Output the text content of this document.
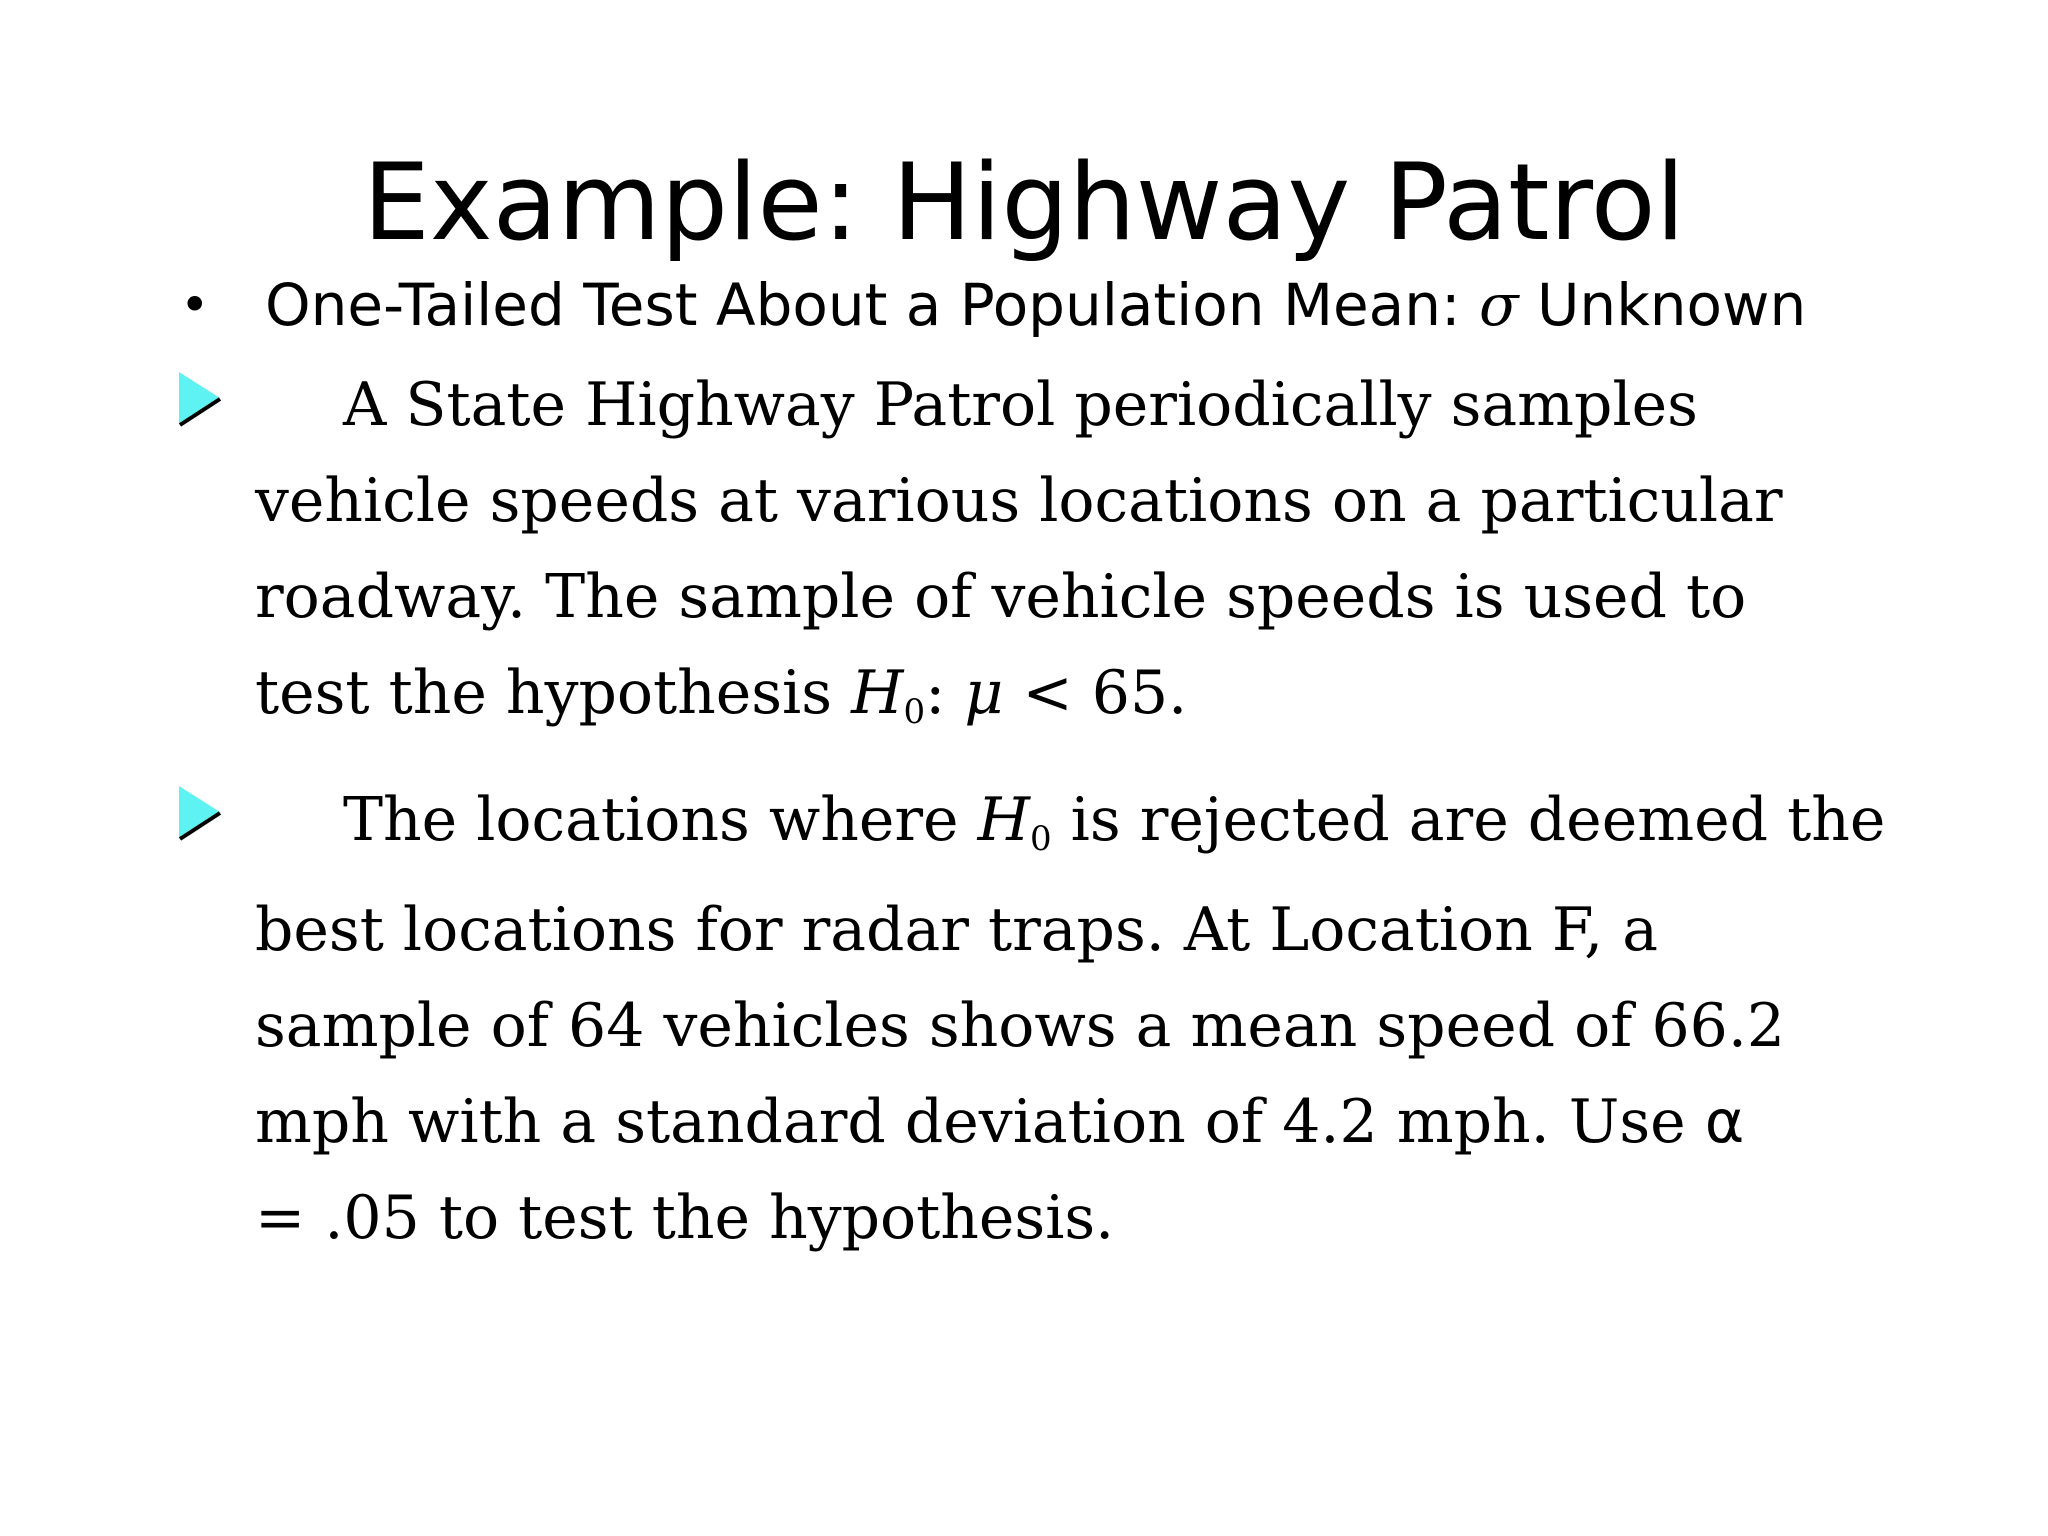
Example: Highway Patrol
• One-Tailed Test About a Population Mean: σ Unknown
A State Highway Patrol periodically samples
vehicle speeds at various locations on a particular
roadway. The sample of vehicle speeds is used to
test the hypothesis $H_0$: μ < 65.
The locations where $H_0$ is rejected are deemed the
best locations for radar traps. At Location F, a
sample of 64 vehicles shows a mean speed of 66.2
mph with a standard deviation of 4.2 mph. Use α
= .05 to test the hypothesis.
